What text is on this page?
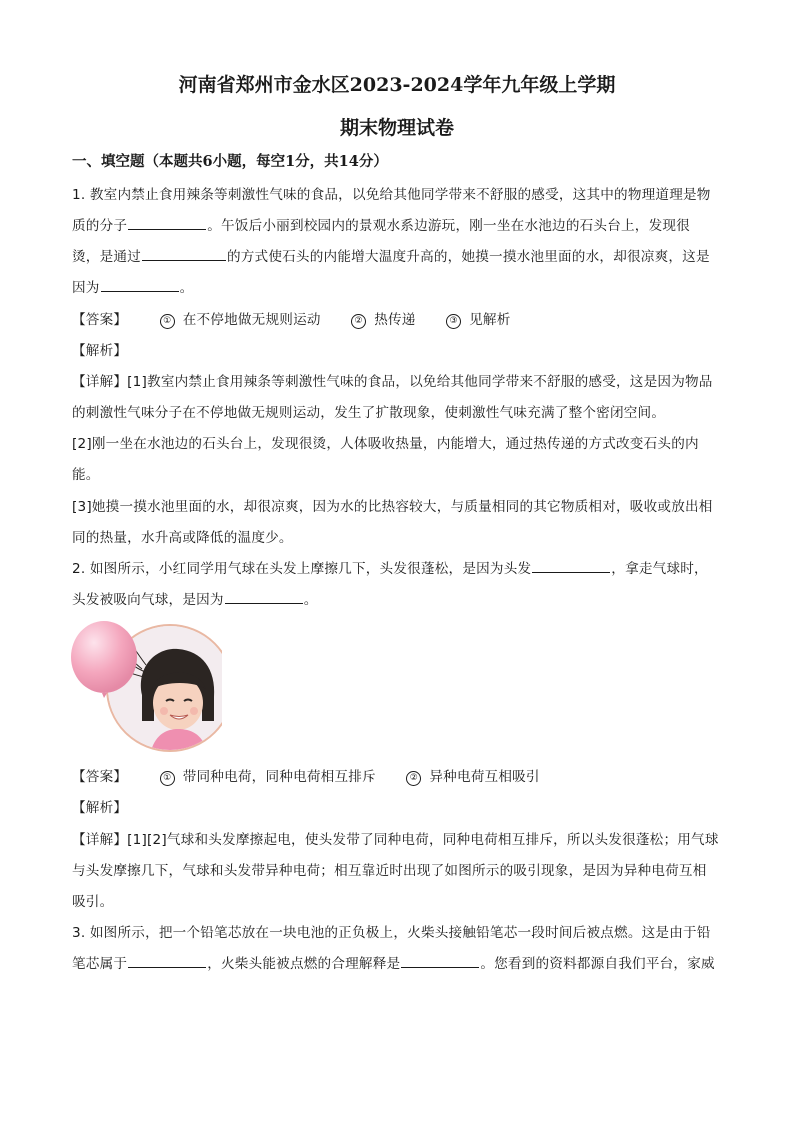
河南省郑州市金水区2023-2024学年九年级上学期
期末物理试卷
一、填空题（本题共6小题，每空1分，共14分）
1. 教室内禁止食用辣条等刺激性气味的食品，以免给其他同学带来不舒服的感受，这其中的物理道理是物
质的分子	。午饭后小丽到校园内的景观水系边游玩，刚一坐在水池边的石头台上，发现很
烫，是通过	的方式使石头的内能增大温度升高的，她摸一摸水池里面的水，却很凉爽，这是
因为	。
【答案】	① 在不停地做无规则运动	② 热传递	③ 见解析
【解析】
【详解】[1]教室内禁止食用辣条等刺激性气味的食品，以免给其他同学带来不舒服的感受，这是因为物品
的刺激性气味分子在不停地做无规则运动，发生了扩散现象，使刺激性气味充满了整个密闭空间。
[2]刚一坐在水池边的石头台上，发现很烫，人体吸收热量，内能增大，通过热传递的方式改变石头的内
能。
[3]她摸一摸水池里面的水，却很凉爽，因为水的比热容较大，与质量相同的其它物质相对，吸收或放出相
同的热量，水升高或降低的温度少。
2. 如图所示，小红同学用气球在头发上摩擦几下，头发很蓬松，是因为头发	，拿走气球时，
头发被吸向气球，是因为	。
【答案】	① 带同种电荷，同种电荷相互排斥	② 异种电荷互相吸引
【解析】
【详解】[1][2]气球和头发摩擦起电，使头发带了同种电荷，同种电荷相互排斥，所以头发很蓬松；用气球
与头发摩擦几下，气球和头发带异种电荷；相互靠近时出现了如图所示的吸引现象，是因为异种电荷互相
吸引。
3. 如图所示，把一个铅笔芯放在一块电池的正负极上，火柴头接触铅笔芯一段时间后被点燃。这是由于铅
笔芯属于	，火柴头能被点燃的合理解释是	。您看到的资料都源自我们平台，家威
